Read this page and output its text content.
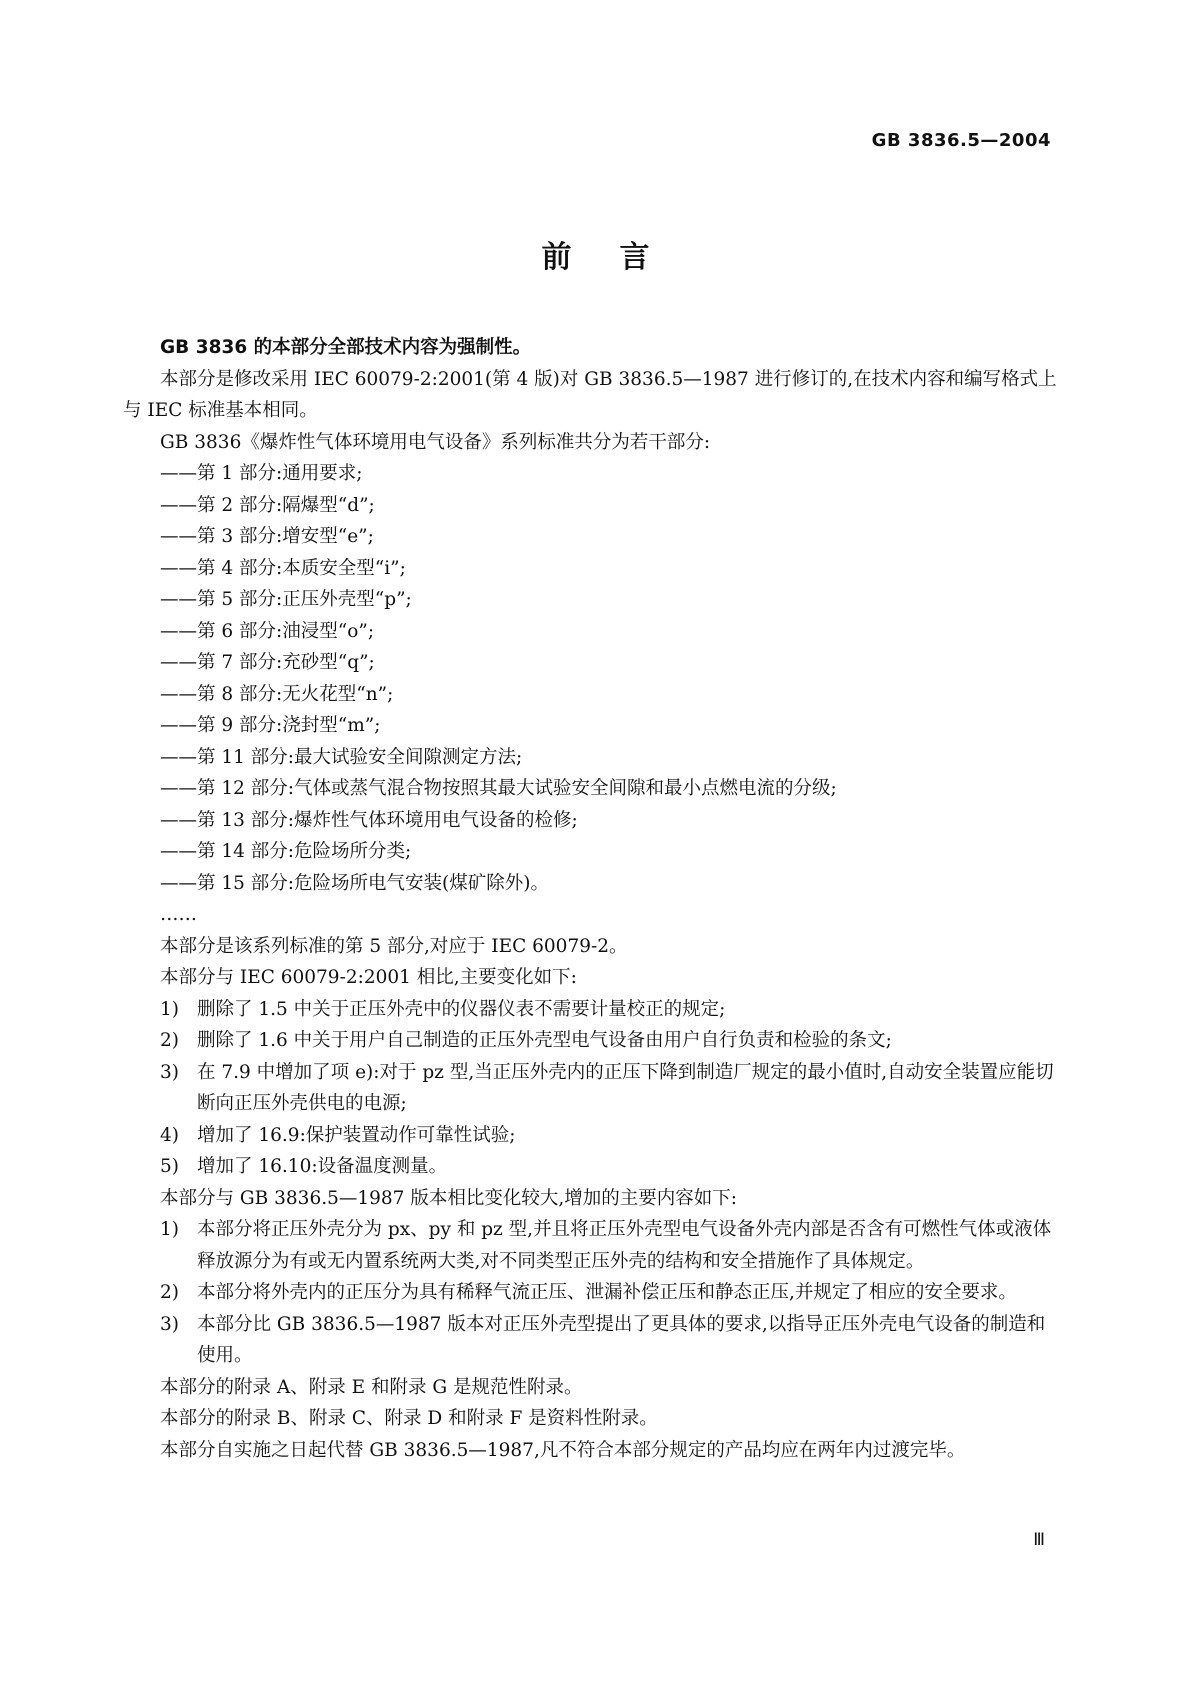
GB 3836.5—2004
前言

GB 3836 的本部分全部技术内容为强制性。

本部分是修改采用 IEC 60079-2:2001(第 4 版)对 GB 3836.5—1987 进行修订的,在技术内容和编写格式上与 IEC 标准基本相同。

GB 3836《爆炸性气体环境用电气设备》系列标准共分为若干部分:

——第 1 部分:通用要求;

——第 2 部分:隔爆型“d”;

——第 3 部分:增安型“e”;

——第 4 部分:本质安全型“i”;

——第 5 部分:正压外壳型“p”;

——第 6 部分:油浸型“o”;

——第 7 部分:充砂型“q”;

——第 8 部分:无火花型“n”;

——第 9 部分:浇封型“m”;

——第 11 部分:最大试验安全间隙测定方法;

——第 12 部分:气体或蒸气混合物按照其最大试验安全间隙和最小点燃电流的分级;

——第 13 部分:爆炸性气体环境用电气设备的检修;

——第 14 部分:危险场所分类;

——第 15 部分:危险场所电气安装(煤矿除外)。

……

本部分是该系列标准的第 5 部分,对应于 IEC 60079-2。

本部分与 IEC 60079-2:2001 相比,主要变化如下:

1) 删除了 1.5 中关于正压外壳中的仪器仪表不需要计量校正的规定;

2) 删除了 1.6 中关于用户自己制造的正压外壳型电气设备由用户自行负责和检验的条文;

3) 在 7.9 中增加了项 e):对于 pz 型,当正压外壳内的正压下降到制造厂规定的最小值时,自动安全装置应能切断向正压外壳供电的电源;

4) 增加了 16.9:保护装置动作可靠性试验;

5) 增加了 16.10:设备温度测量。

本部分与 GB 3836.5—1987 版本相比变化较大,增加的主要内容如下:

1) 本部分将正压外壳分为 px、py 和 pz 型,并且将正压外壳型电气设备外壳内部是否含有可燃性气体或液体释放源分为有或无内置系统两大类,对不同类型正压外壳的结构和安全措施作了具体规定。

2) 本部分将外壳内的正压分为具有稀释气流正压、泄漏补偿正压和静态正压,并规定了相应的安全要求。

3) 本部分比 GB 3836.5—1987 版本对正压外壳型提出了更具体的要求,以指导正压外壳电气设备的制造和使用。

本部分的附录 A、附录 E 和附录 G 是规范性附录。

本部分的附录 B、附录 C、附录 D 和附录 F 是资料性附录。

本部分自实施之日起代替 GB 3836.5—1987,凡不符合本部分规定的产品均应在两年内过渡完毕。

Ⅲ
